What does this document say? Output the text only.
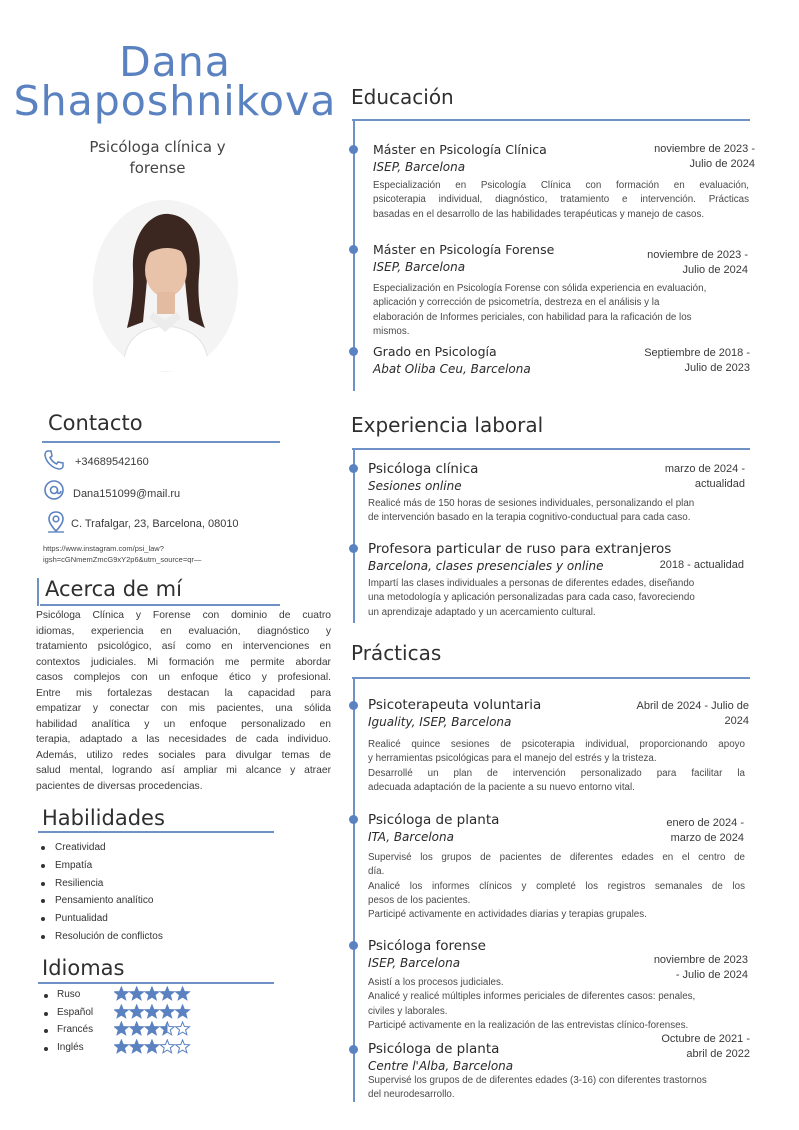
Dana
Shaposhnikova
Psicóloga clínica y
forense
Contacto
+34689542160
Dana151099@mail.ru
C. Trafalgar, 23, Barcelona, 08010
https://www.instagram.com/psi_law?
igsh=cGNmemZmcG9xY2p6&utm_source=qr—
Acerca de mí
Psicóloga Clínica y Forense con dominio de cuatro
idiomas, experiencia en evaluación, diagnóstico y
tratamiento psicológico, así como en intervenciones en
contextos judiciales. Mi formación me permite abordar
casos complejos con un enfoque ético y profesional.
Entre mis fortalezas destacan la capacidad para
empatizar y conectar con mis pacientes, una sólida
habilidad analítica y un enfoque personalizado en
terapia, adaptado a las necesidades de cada individuo.
Además, utilizo redes sociales para divulgar temas de
salud mental, logrando así ampliar mi alcance y atraer
pacientes de diversas procedencias.
Habilidades
Creatividad
Empatía
Resiliencia
Pensamiento analítico
Puntualidad
Resolución de conflictos
Idiomas
Ruso
Español
Francés
Inglés
Educación
Máster en Psicología Clínica
ISEP, Barcelona
noviembre de 2023 -
Julio de 2024
Especialización en Psicología Clínica con formación en evaluación,
psicoterapia individual, diagnóstico, tratamiento e intervención. Prácticas
basadas en el desarrollo de las habilidades terapéuticas y manejo de casos.
Máster en Psicología Forense
ISEP, Barcelona
noviembre de 2023 -
Julio de 2024
Especialización en Psicología Forense con sólida experiencia en evaluación,
aplicación y corrección de psicometría, destreza en el análisis y la
elaboración de Informes periciales, con habilidad para la raficación de los
mismos.
Grado en Psicología
Abat Oliba Ceu, Barcelona
Septiembre de 2018 -
Julio de 2023
Experiencia laboral
Psicóloga clínica
Sesiones online
marzo de 2024 -
actualidad
Realicé más de 150 horas de sesiones individuales, personalizando el plan
de intervención basado en la terapia cognitivo-conductual para cada caso.
Profesora particular de ruso para extranjeros
Barcelona, clases presenciales y online	2018 - actualidad
Impartí las clases individuales a personas de diferentes edades, diseñando
una metodología y aplicación personalizadas para cada caso, favoreciendo
un aprendizaje adaptado y un acercamiento cultural.
Prácticas
Psicoterapeuta voluntaria
Iguality, ISEP, Barcelona
Abril de 2024 - Julio de
2024
Realicé quince sesiones de psicoterapia individual, proporcionando apoyo
y herramientas psicológicas para el manejo del estrés y la tristeza.
Desarrollé un plan de intervención personalizado para facilitar la
adecuada adaptación de la paciente a su nuevo entorno vital.
Psicóloga de planta
ITA, Barcelona
enero de 2024 -
marzo de 2024
Supervisé los grupos de pacientes de diferentes edades en el centro de
día.
Analicé los informes clínicos y completé los registros semanales de los
pesos de los pacientes.
Participé activamente en actividades diarias y terapias grupales.
Psicóloga forense
ISEP, Barcelona	noviembre de 2023
- Julio de 2024
Asistí a los procesos judiciales.
Analicé y realicé múltiples informes periciales de diferentes casos: penales,
civiles y laborales.
Participé activamente en la realización de las entrevistas clínico-forenses.
Psicóloga de planta
Centre l'Alba, Barcelona
Octubre de 2021 -
abril de 2022
Supervisé los grupos de de diferentes edades (3-16) con diferentes trastornos
del neurodesarrollo.
